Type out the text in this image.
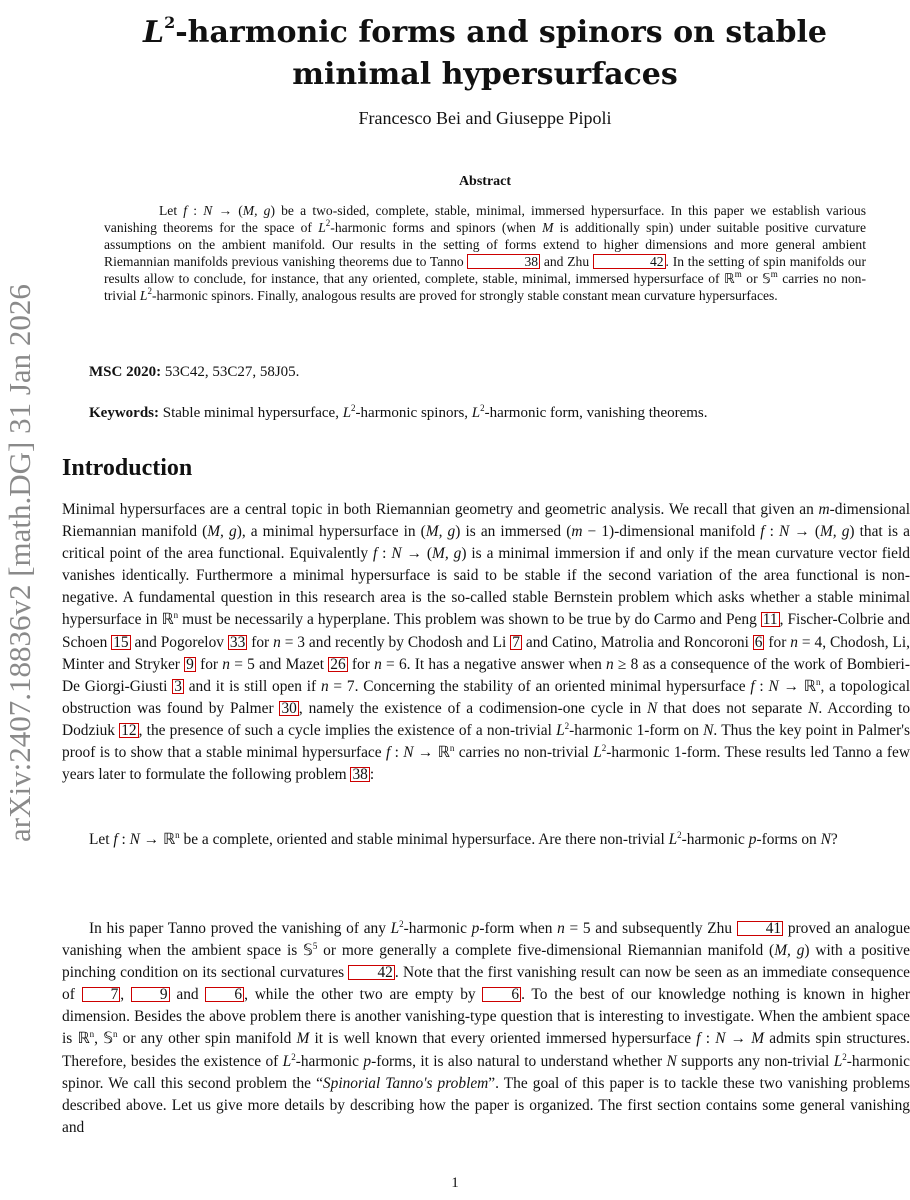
arXiv:2407.18836v2 [math.DG] 31 Jan 2026
$L^2$-harmonic forms and spinors on stable
minimal hypersurfaces
Francesco Bei and Giuseppe Pipoli
Abstract

Let f : N → (M, g) be a two-sided, complete, stable, minimal, immersed hypersurface. In this paper we establish various vanishing theorems for the space of $L^2$-harmonic forms and spinors (when M is additionally spin) under suitable positive curvature assumptions on the ambient manifold. Our results in the setting of forms extend to higher dimensions and more general ambient Riemannian manifolds previous vanishing theorems due to Tanno	38 and Zhu	42 . In the setting of spin manifolds our results allow to conclude, for instance, that any oriented, complete, stable, minimal, immersed hypersurface of ℝ$^m$ or 𝕊$^m$ carries no non-trivial $L^2$-harmonic spinors. Finally, analogous results are proved for strongly stable constant mean curvature hypersurfaces.

MSC 2020: 53C42, 53C27, 58J05.
Keywords: Stable minimal hypersurface, $L^2$-harmonic spinors, $L^2$-harmonic form, vanishing theorems.
Introduction

Minimal hypersurfaces are a central topic in both Riemannian geometry and geometric analysis. We recall that given an m-dimensional Riemannian manifold (M, g), a minimal hypersurface in (M, g) is an immersed (m − 1)-dimensional manifold f : N → (M, g) that is a critical point of the area functional. Equivalently f : N → (M, g) is a minimal immersion if and only if the mean curvature vector field vanishes identically. Furthermore a minimal hypersurface is said to be stable if the second variation of the area functional is non-negative. A fundamental question in this research area is the so-called stable Bernstein problem which asks whether a stable minimal hypersurface in ℝ$^n$ must be necessarily a hyperplane. This problem was shown to be true by do Carmo and Peng 11 , Fischer-Colbrie and Schoen 15 and Pogorelov 33 for n = 3 and recently by Chodosh and Li 7 and Catino, Matrolia and Roncoroni 6 for n = 4, Chodosh, Li, Minter and Stryker 9 for n = 5 and Mazet 26 for n = 6. It has a negative answer when n ≥ 8 as a consequence of the work of Bombieri-De Giorgi-Giusti 3 and it is still open if n = 7. Concerning the stability of an oriented minimal hypersurface f : N → ℝ$^n$, a topological obstruction was found by Palmer 30 , namely the existence of a codimension-one cycle in N that does not separate N. According to Dodziuk 12 , the presence of such a cycle implies the existence of a non-trivial $L^2$-harmonic 1-form on N. Thus the key point in Palmer's proof is to show that a stable minimal hypersurface f : N → ℝ$^n$ carries no non-trivial $L^2$-harmonic 1-form. These results led Tanno a few years later to formulate the following problem 38 :

Let f : N → ℝ$^n$ be a complete, oriented and stable minimal hypersurface. Are there non-trivial $L^2$-harmonic p-forms on N?

In his paper Tanno proved the vanishing of any $L^2$-harmonic p-form when n = 5 and subsequently Zhu 41 proved an analogue vanishing when the ambient space is 𝕊$^5$ or more generally a complete five-dimensional Riemannian manifold (M, g) with a positive pinching condition on its sectional curvatures 42 . Note that the first vanishing result can now be seen as an immediate consequence of 7 , 9 and 6 , while the other two are empty by 6 . To the best of our knowledge nothing is known in higher dimension. Besides the above problem there is another vanishing-type question that is interesting to investigate. When the ambient space is ℝ$^n$, 𝕊$^n$ or any other spin manifold M it is well known that every oriented immersed hypersurface f : N → M admits spin structures. Therefore, besides the existence of $L^2$-harmonic p-forms, it is also natural to understand whether N supports any non-trivial $L^2$-harmonic spinor. We call this second problem the “Spinorial Tanno's problem”. The goal of this paper is to tackle these two vanishing problems described above. Let us give more details by describing how the paper is organized. The first section contains some general vanishing and

1
